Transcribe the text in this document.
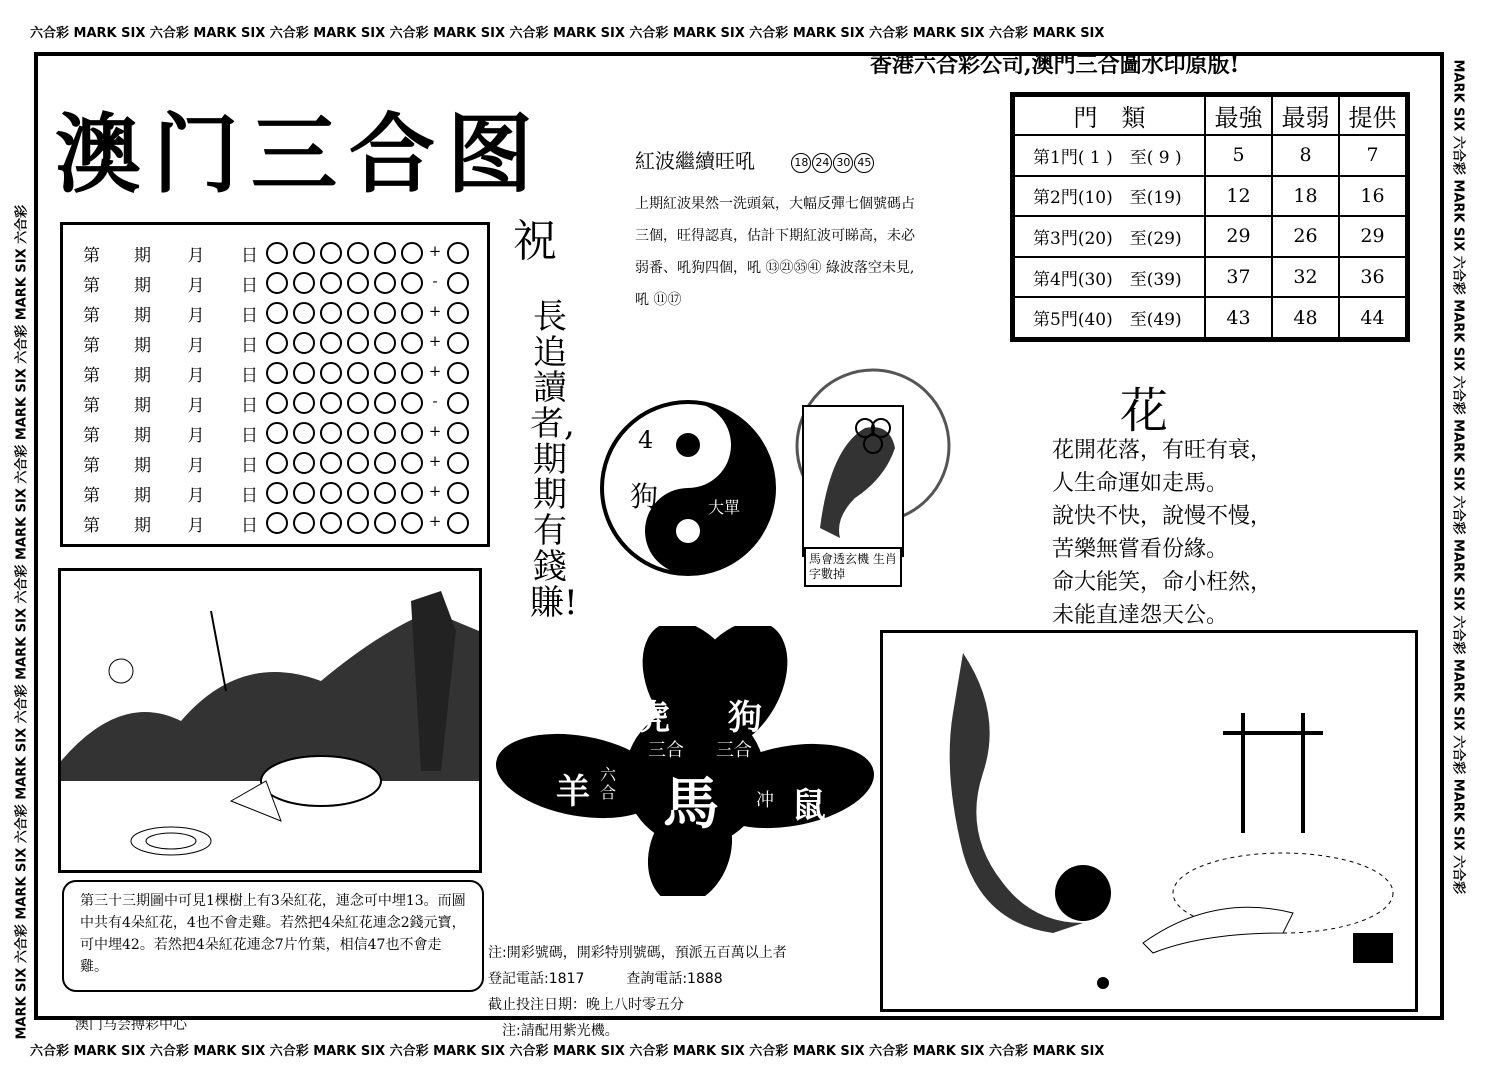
六合彩 MARK SIX 六合彩 MARK SIX 六合彩 MARK SIX 六合彩 MARK SIX 六合彩 MARK SIX 六合彩 MARK SIX 六合彩 MARK SIX 六合彩 MARK SIX 六合彩 MARK SIX
六合彩 MARK SIX 六合彩 MARK SIX 六合彩 MARK SIX 六合彩 MARK SIX 六合彩 MARK SIX 六合彩 MARK SIX 六合彩 MARK SIX 六合彩 MARK SIX 六合彩 MARK SIX
MARK SIX 六合彩 MARK SIX 六合彩 MARK SIX 六合彩 MARK SIX 六合彩 MARK SIX 六合彩 MARK SIX 六合彩 MARK SIX 六合彩	MARK SIX 六合彩 MARK SIX 六合彩 MARK SIX 六合彩 MARK SIX 六合彩 MARK SIX 六合彩 MARK SIX 六合彩 MARK SIX 六合彩
澳门三合图
香港六合彩公司,澳門三合圖水印原版!
第　　期 月 日	+
第　　期 月 日	-
第　　期 月 日	+
第　　期 月 日	+
第　　期 月 日	+
第　　期 月 日	-
第　　期 月 日	+
第　　期 月 日	+
第　　期 月 日	+
第　　期 月 日	+
祝
長追讀者,期期有錢賺!
紅波繼續旺吼	18 24 30 45
上期紅波果然一洗頭氣，大幅反彈七個號碼占三個，旺得認真，估計下期紅波可睇高，未必弱番、吼狗四個，吼 ⑬㉑㉟㊶ 綠波落空未見,吼 ⑪⑰
門　類	最強	最弱	提供
第1門( 1 )　至( 9 )	5	8	7
第2門(10)　至(19)	12	18	16
第3門(20)　至(29)	29	26	29
第4門(30)　至(39)	37	32	36
第5門(40)　至(49)	43	48	44
花
花開花落，有旺有衰，
人生命運如走馬。
說快不快，說慢不慢，
苦樂無嘗看份緣。
命大能笑，命小枉然，
未能直達怨天公。
4
3
狗	大單
馬會透玄機 生肖字數掉
馬
虎 狗
羊	鼠
三合 三合
六合	冲
第三十三期圖中可見1棵樹上有3朵紅花，連念可中埋13。而圖中共有4朵紅花，4也不會走雞。若然把4朵紅花連念2錢元寶，可中埋42。若然把4朵紅花連念7片竹葉，相信47也不會走雞。
澳门马会搏彩中心
注:開彩號碼，開彩特別號碼，預派五百萬以上者
登記電話:1817　　　查詢電話:1888
截止投注日期：晚上八时零五分
　注:請配用紫光機。
